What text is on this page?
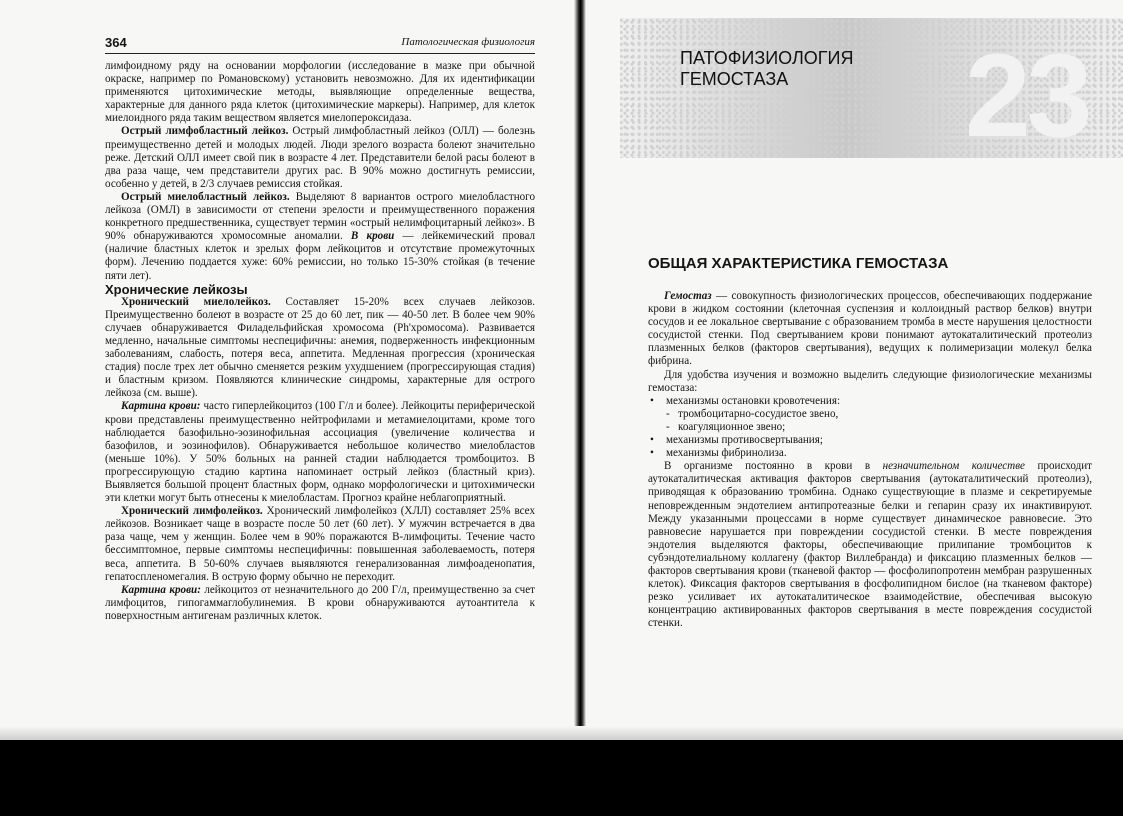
364	Патологическая физиология

лимфоидному ряду на основании морфологии (исследование в мазке при обычной окраске, например по Романовскому) установить невозможно. Для их идентификации применяются цитохимические методы, выявляющие определенные вещества, характерные для данного ряда клеток (цитохимические маркеры). Например, для клеток миелоидного ряда таким веществом является миелопероксидаза.

Острый лимфобластный лейкоз. Острый лимфобластный лейкоз (ОЛЛ) — болезнь преимущественно детей и молодых людей. Люди зрелого возраста болеют значительно реже. Детский ОЛЛ имеет свой пик в возрасте 4 лет. Представители белой расы болеют в два раза чаще, чем представители других рас. В 90% можно достигнуть ремиссии, особенно у детей, в 2/3 случаев ремиссия стойкая.

Острый миелобластный лейкоз. Выделяют 8 вариантов острого миелобластного лейкоза (ОМЛ) в зависимости от степени зрелости и преимущественного поражения конкретного предшественника, существует термин «острый нелимфоцитарный лейкоз». В 90% обнаруживаются хромосомные аномалии. В крови — лейкемический провал (наличие бластных клеток и зрелых форм лейкоцитов и отсутствие промежуточных форм). Лечению поддается хуже: 60% ремиссии, но только 15-30% стойкая (в течение пяти лет).

Хронические лейкозы

Хронический миелолейкоз. Составляет 15-20% всех случаев лейкозов. Преимущественно болеют в возрасте от 25 до 60 лет, пик — 40-50 лет. В более чем 90% случаев обнаруживается Филадельфийская хромосома (Ph'хромосома). Развивается медленно, начальные симптомы неспецифичны: анемия, подверженность инфекционным заболеваниям, слабость, потеря веса, аппетита. Медленная прогрессия (хроническая стадия) после трех лет обычно сменяется резким ухудшением (прогрессирующая стадия) и бластным кризом. Появляются клинические синдромы, характерные для острого лейкоза (см. выше).

Картина крови: часто гиперлейкоцитоз (100 Г/л и более). Лейкоциты периферической крови представлены преимущественно нейтрофилами и метамиелоцитами, кроме того наблюдается базофильно-эозинофильная ассоциация (увеличение количества и базофилов, и эозинофилов). Обнаруживается небольшое количество миелобластов (меньше 10%). У 50% больных на ранней стадии наблюдается тромбоцитоз. В прогрессирующую стадию картина напоминает острый лейкоз (бластный криз). Выявляется большой процент бластных форм, однако морфологически и цитохимически эти клетки могут быть отнесены к миелобластам. Прогноз крайне неблагоприятный.

Хронический лимфолейкоз. Хронический лимфолейкоз (ХЛЛ) составляет 25% всех лейкозов. Возникает чаще в возрасте после 50 лет (60 лет). У мужчин встречается в два раза чаще, чем у женщин. Более чем в 90% поражаются B-лимфоциты. Течение часто бессимптомное, первые симптомы неспецифичны: повышенная заболеваемость, потеря веса, аппетита. В 50-60% случаев выявляются генерализованная лимфоаденопатия, гепатоспленомегалия. В острую форму обычно не переходит.

Картина крови: лейкоцитоз от незначительного до 200 Г/л, преимущественно за счет лимфоцитов, гипогаммаглобулинемия. В крови обнаруживаются аутоантитела к поверхностным антигенам различных клеток.

23
ПАТОФИЗИОЛОГИЯ
ГЕМОСТАЗА
ОБЩАЯ ХАРАКТЕРИСТИКА ГЕМОСТАЗА

Гемостаз — совокупность физиологических процессов, обеспечивающих поддержание крови в жидком состоянии (клеточная суспензия и коллоидный раствор белков) внутри сосудов и ее локальное свертывание с образованием тромба в месте нарушения целостности сосудистой стенки. Под свертыванием крови понимают аутокаталитический протеолиз плазменных белков (факторов свертывания), ведущих к полимеризации молекул белка фибрина.

Для удобства изучения и возможно выделить следующие физиологические механизмы гемостаза:

• механизмы остановки кровотечения:
- тромбоцитарно-сосудистое звено,
- коагуляционное звено;
• механизмы противосвертывания;
• механизмы фибринолиза.

В организме постоянно в крови в незначительном количестве происходит аутокаталитическая активация факторов свертывания (аутокаталитический протеолиз), приводящая к образованию тромбина. Однако существующие в плазме и секретируемые неповрежденным эндотелием антипротеазные белки и гепарин сразу их инактивируют. Между указанными процессами в норме существует динамическое равновесие. Это равновесие нарушается при повреждении сосудистой стенки. В месте повреждения эндотелия выделяются факторы, обеспечивающие прилипание тромбоцитов к субэндотелиальному коллагену (фактор Виллебранда) и фиксацию плазменных белков — факторов свертывания крови (тканевой фактор — фосфолипопротеин мембран разрушенных клеток). Фиксация факторов свертывания в фосфолипидном бислое (на тканевом факторе) резко усиливает их аутокаталитическое взаимодействие, обеспечивая высокую концентрацию активированных факторов свертывания в месте повреждения сосудистой стенки.
